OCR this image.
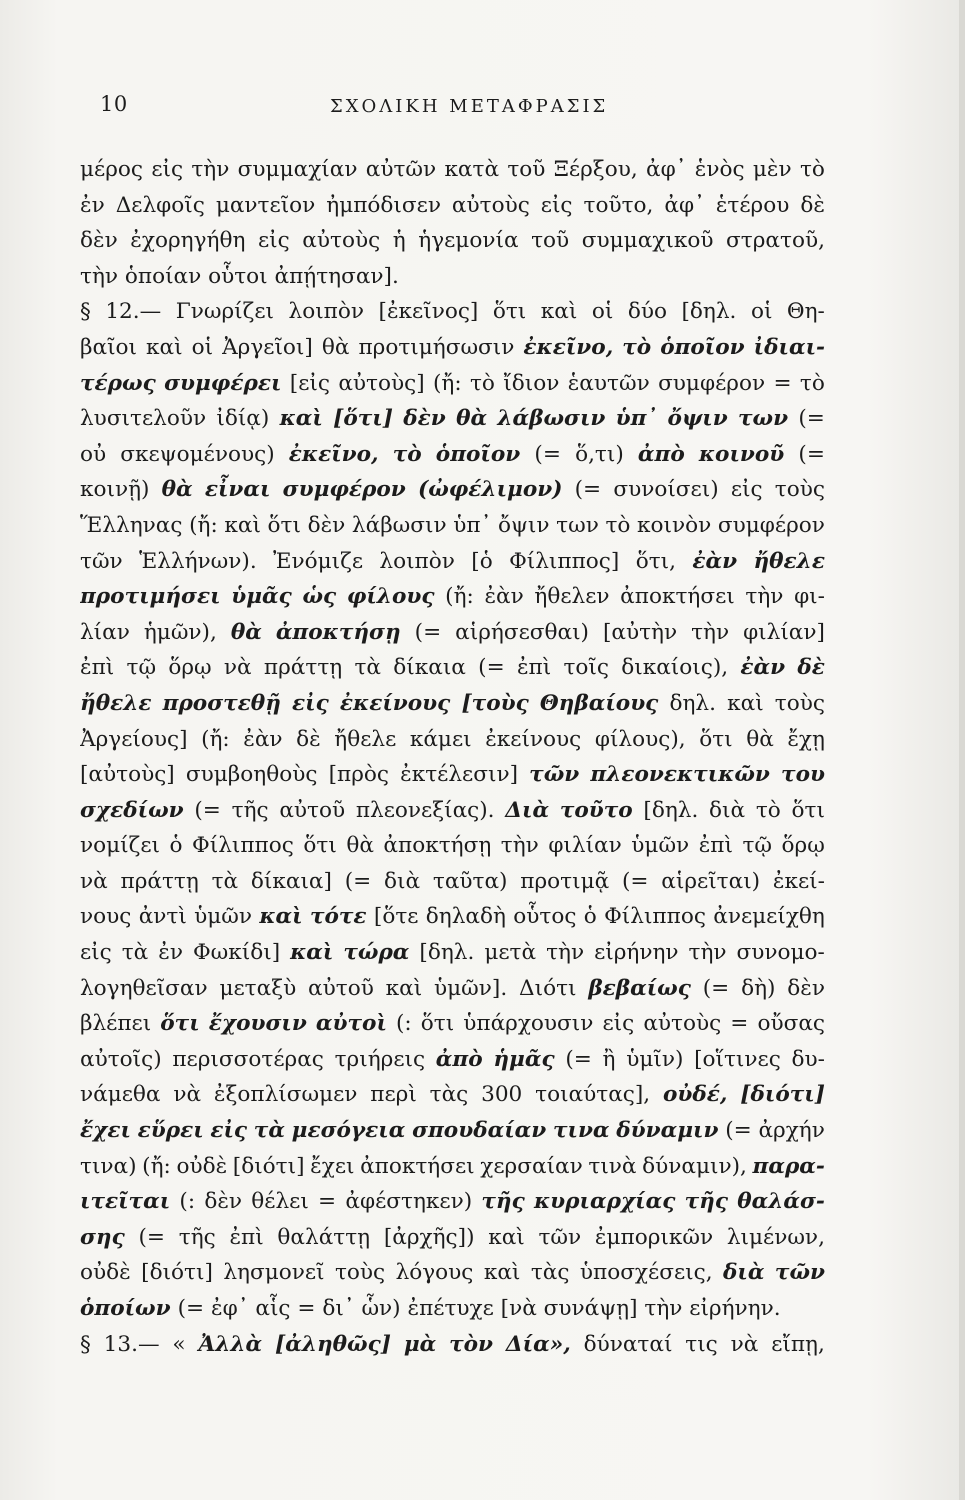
10	ΣΧΟΛΙΚΗ ΜΕΤΑΦΡΑΣΙΣ
μέρος εἰς τὴν συμμαχίαν αὐτῶν κατὰ τοῦ Ξέρξου, ἀφ᾽ ἑνὸς μὲν τὸ
ἐν Δελφοῖς μαντεῖον ἠμπόδισεν αὐτοὺς εἰς τοῦτο, ἀφ᾽ ἑτέρου δὲ
δὲν ἐχορηγήθη εἰς αὐτοὺς ἡ ἡγεμονία τοῦ συμμαχικοῦ στρατοῦ,
τὴν ὁποίαν οὗτοι ἀπῄτησαν].
§ 12.— Γνωρίζει λοιπὸν [ἐκεῖνος] ὅτι καὶ οἱ δύο [δηλ. οἱ Θη-
βαῖοι καὶ οἱ Ἀργεῖοι] θὰ προτιμήσωσιν ἐκεῖνο, τὸ ὁποῖον ἰδιαι-
τέρως συμφέρει [εἰς αὐτοὺς] (ἤ: τὸ ἴδιον ἑαυτῶν συμφέρον = τὸ
λυσιτελοῦν ἰδίᾳ) καὶ [ὅτι] δὲν θὰ λάβωσιν ὑπ᾽ ὄψιν των (=
οὐ σκεψομένους) ἐκεῖνο, τὸ ὁποῖον (= ὅ,τι) ἀπὸ κοινοῦ (=
κοινῇ) θὰ εἶναι συμφέρον (ὠφέλιμον) (= συνοίσει) εἰς τοὺς
Ἕλληνας (ἤ: καὶ ὅτι δὲν λάβωσιν ὑπ᾽ ὄψιν των τὸ κοινὸν συμφέρον
τῶν Ἑλλήνων). Ἐνόμιζε λοιπὸν [ὁ Φίλιππος] ὅτι, ἐὰν ἤθελε
προτιμήσει ὑμᾶς ὡς φίλους (ἤ: ἐὰν ἤθελεν ἀποκτήσει τὴν φι-
λίαν ἡμῶν), θὰ ἀποκτήσῃ (= αἱρήσεσθαι) [αὐτὴν τὴν φιλίαν]
ἐπὶ τῷ ὅρῳ νὰ πράττῃ τὰ δίκαια (= ἐπὶ τοῖς δικαίοις), ἐὰν δὲ
ἤθελε προστεθῇ εἰς ἐκείνους [τοὺς Θηβαίους δηλ. καὶ τοὺς
Ἀργείους] (ἤ: ἐὰν δὲ ἤθελε κάμει ἐκείνους φίλους), ὅτι θὰ ἔχῃ
[αὐτοὺς] συμβοηθοὺς [πρὸς ἐκτέλεσιν] τῶν πλεονεκτικῶν του
σχεδίων (= τῆς αὐτοῦ πλεονεξίας). Διὰ τοῦτο [δηλ. διὰ τὸ ὅτι
νομίζει ὁ Φίλιππος ὅτι θὰ ἀποκτήσῃ τὴν φιλίαν ὑμῶν ἐπὶ τῷ ὅρῳ
νὰ πράττῃ τὰ δίκαια] (= διὰ ταῦτα) προτιμᾷ (= αἱρεῖται) ἐκεί-
νους ἀντὶ ὑμῶν καὶ τότε [ὅτε δηλαδὴ οὗτος ὁ Φίλιππος ἀνεμείχθη
εἰς τὰ ἐν Φωκίδι] καὶ τώρα [δηλ. μετὰ τὴν εἰρήνην τὴν συνομο-
λογηθεῖσαν μεταξὺ αὐτοῦ καὶ ὑμῶν]. Διότι βεβαίως (= δὴ) δὲν
βλέπει ὅτι ἔχουσιν αὐτοὶ (: ὅτι ὑπάρχουσιν εἰς αὐτοὺς = οὔσας
αὐτοῖς) περισσοτέρας τριήρεις ἀπὸ ἡμᾶς (= ἢ ὑμῖν) [οἵτινες δυ-
νάμεθα νὰ ἐξοπλίσωμεν περὶ τὰς 300 τοιαύτας], οὐδέ, [διότι]
ἔχει εὕρει εἰς τὰ μεσόγεια σπουδαίαν τινα δύναμιν (= ἀρχήν
τινα) (ἤ: οὐδὲ [διότι] ἔχει ἀποκτήσει χερσαίαν τινὰ δύναμιν), παρα-
ιτεῖται (: δὲν θέλει = ἀφέστηκεν) τῆς κυριαρχίας τῆς θαλάσ-
σης (= τῆς ἐπὶ θαλάττῃ [ἀρχῆς]) καὶ τῶν ἐμπορικῶν λιμένων,
οὐδὲ [διότι] λησμονεῖ τοὺς λόγους καὶ τὰς ὑποσχέσεις, διὰ τῶν
ὁποίων (= ἐφ᾽ αἷς = δι᾽ ὧν) ἐπέτυχε [νὰ συνάψῃ] τὴν εἰρήνην.
§ 13.— « Ἀλλὰ [ἀληθῶς] μὰ τὸν Δία», δύναταί τις νὰ εἴπῃ,
